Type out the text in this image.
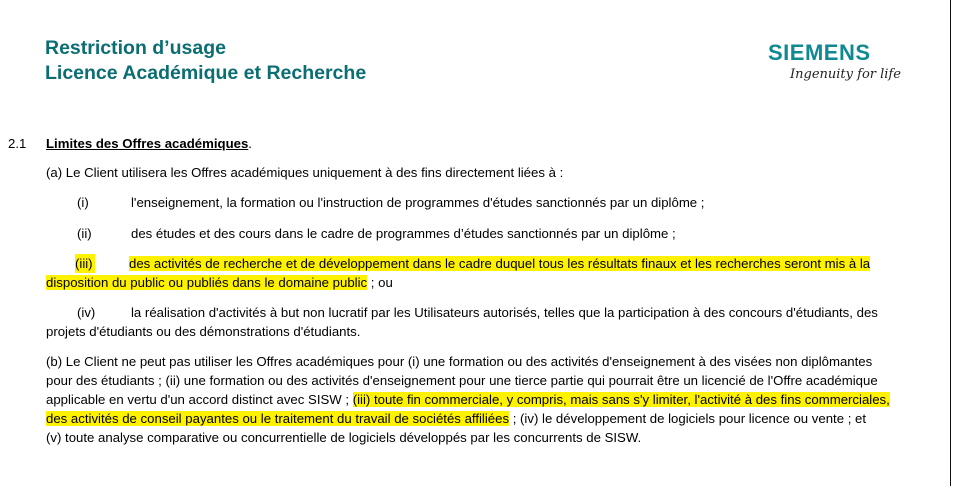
Restriction d’usage
Licence Académique et Recherche
SIEMENS
Ingenuity for life
2.1 Limites des Offres académiques.
(a) Le Client utilisera les Offres académiques uniquement à des fins directement liées à :
(i)	l'enseignement, la formation ou l'instruction de programmes d'études sanctionnés par un diplôme ;
(ii)	des études et des cours dans le cadre de programmes d’études sanctionnés par un diplôme ;
(iii)	des activités de recherche et de développement dans le cadre duquel tous les résultats finaux et les recherches seront mis à la
disposition du public ou publiés dans le domaine public ; ou
(iv)	la réalisation d'activités à but non lucratif par les Utilisateurs autorisés, telles que la participation à des concours d'étudiants, des
projets d'étudiants ou des démonstrations d'étudiants.
(b) Le Client ne peut pas utiliser les Offres académiques pour (i) une formation ou des activités d'enseignement à des visées non diplômantes
pour des étudiants ; (ii) une formation ou des activités d'enseignement pour une tierce partie qui pourrait être un licencié de l'Offre académique
applicable en vertu d'un accord distinct avec SISW ; (iii) toute fin commerciale, y compris, mais sans s'y limiter, l'activité à des fins commerciales,
des activités de conseil payantes ou le traitement du travail de sociétés affiliées ; (iv) le développement de logiciels pour licence ou vente ; et
(v) toute analyse comparative ou concurrentielle de logiciels développés par les concurrents de SISW.
